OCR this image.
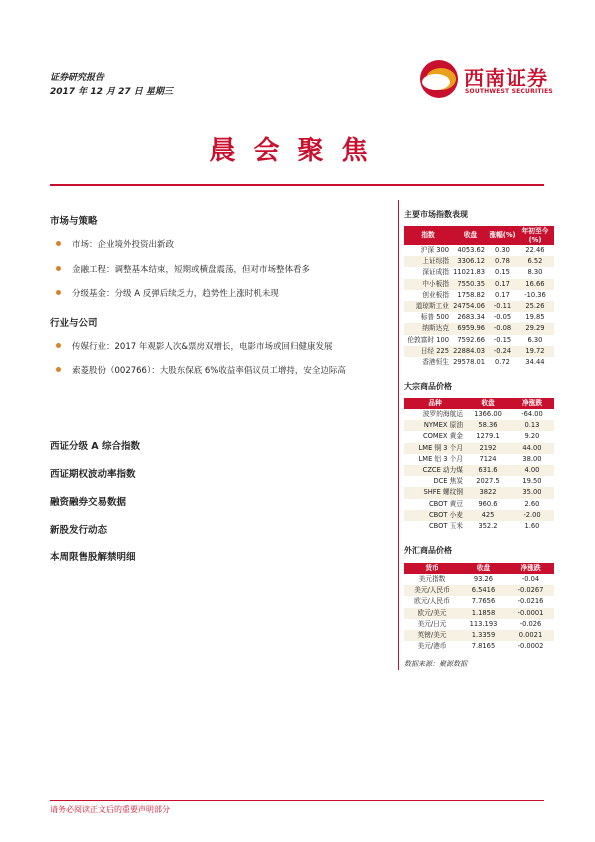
证券研究报告
2017 年 12 月 27 日 星期三
西南证券
SOUTHWEST SECURITIES
晨会聚焦
市场与策略
市场：企业境外投资出新政
金融工程：调整基本结束，短期或横盘震荡，但对市场整体看多
分级基金：分级 A 反弹后续乏力，趋势性上涨时机未现
行业与公司
传媒行业：2017 年观影人次&票房双增长，电影市场或回归健康发展
索菱股份（002766）：大股东保底 6%收益率倡议员工增持，安全边际高
西证分级 A 综合指数
西证期权波动率指数
融资融券交易数据
新股发行动态
本周限售股解禁明细
主要市场指数表现
指数	收盘	涨幅(%)	年初至今(%)
沪深 300	4053.62	0.30	22.46
上证综指	3306.12	0.78	6.52
深证成指	11021.83	0.15	8.30
中小板指	7550.35	0.17	16.66
创业板指	1758.82	0.17	-10.36
道琼斯工业	24754.06	-0.11	25.26
标普 500	2683.34	-0.05	19.85
纳斯达克	6959.96	-0.08	29.29
伦敦富时 100	7592.66	-0.15	6.30
日经 225	22884.03	-0.24	19.72
香港恒生	29578.01	0.72	34.44
大宗商品价格
品种	收盘	净涨跌
波罗的海航运	1366.00	-64.00
NYMEX 原油	58.36	0.13
COMEX 黄金	1279.1	9.20
LME 铜 3 个月	2192	44.00
LME 铝 3 个月	7124	38.00
CZCE 动力煤	631.6	4.00
DCE 焦炭	2027.5	19.50
SHFE 螺纹钢	3822	35.00
CBOT 黄豆	960.6	2.60
CBOT 小麦	425	-2.00
CBOT 玉米	352.2	1.60
外汇商品价格
货币	收盘	净涨跌
美元指数	93.26	-0.04
美元/人民币	6.5416	-0.0267
欧元/人民币	7.7656	-0.0216
欧元/美元	1.1858	-0.0001
美元/日元	113.193	-0.026
英镑/美元	1.3359	0.0021
美元/港币	7.8165	-0.0002
数据来源：聚源数据
请务必阅读正文后的重要声明部分
